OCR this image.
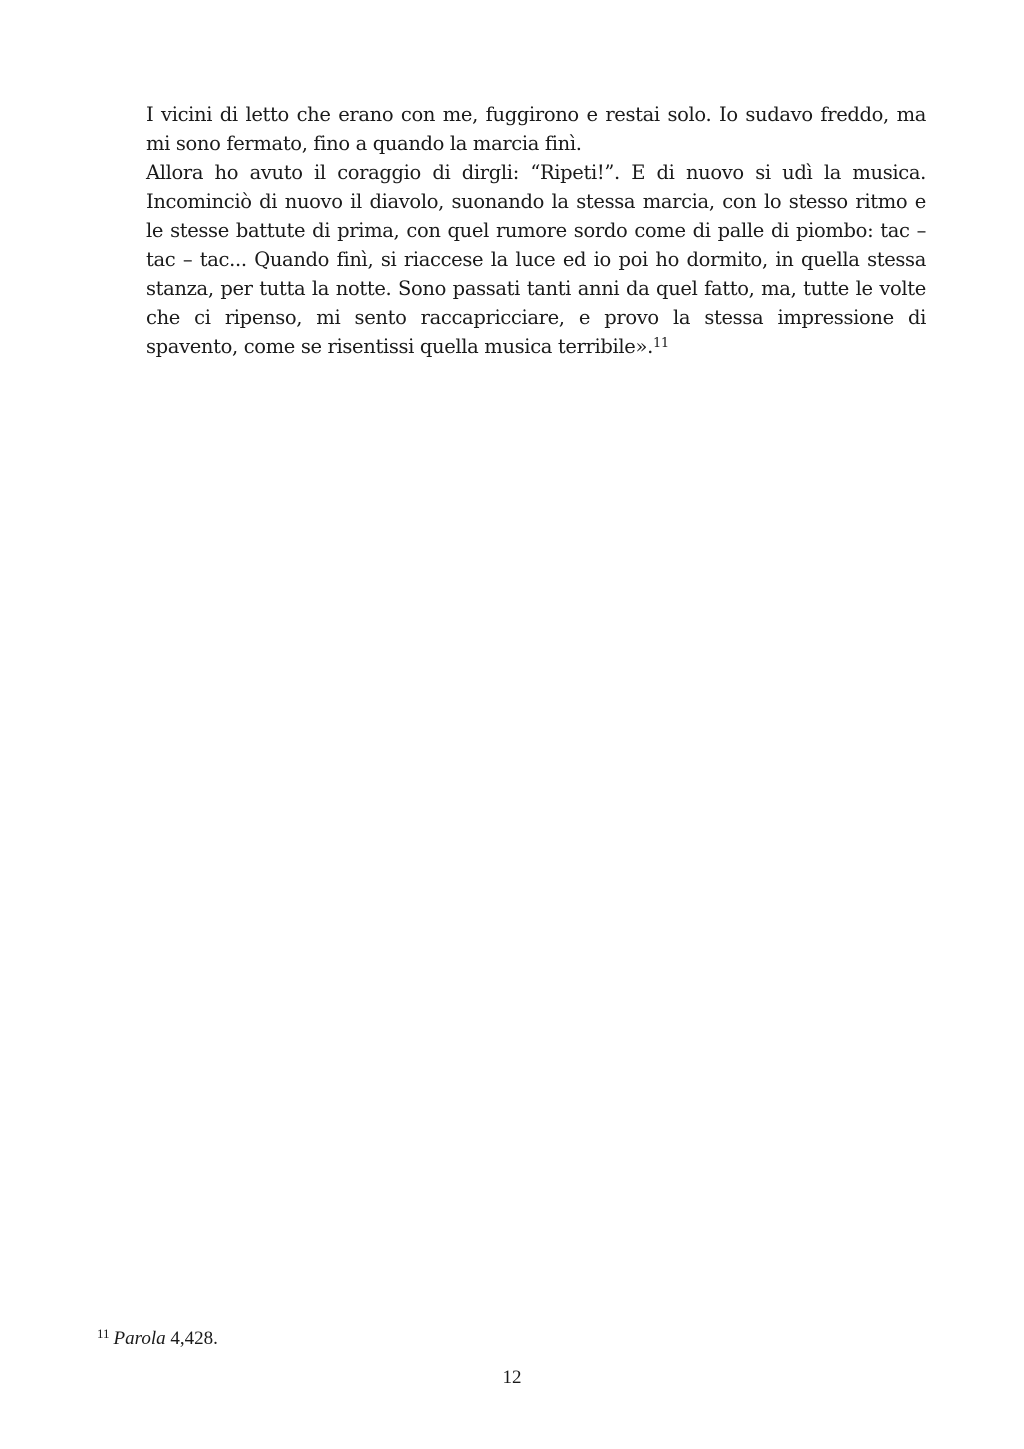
I vicini di letto che erano con me, fuggirono e restai solo. Io sudavo freddo, ma mi sono fermato, fino a quando la marcia finì.

Allora ho avuto il coraggio di dirgli: “Ripeti!”. E di nuovo si udì la musica. Incominciò di nuovo il diavolo, suonando la stessa marcia, con lo stesso ritmo e le stesse battute di prima, con quel rumore sordo come di palle di piombo: tac – tac – tac... Quando finì, si riaccese la luce ed io poi ho dormito, in quella stessa stanza, per tutta la notte. Sono passati tanti anni da quel fatto, ma, tutte le volte che ci ripenso, mi sento raccapricciare, e provo la stessa impressione di spavento, come se risentissi quella musica terribile».$^{11}$

$^{11}$ Parola 4,428.
12
